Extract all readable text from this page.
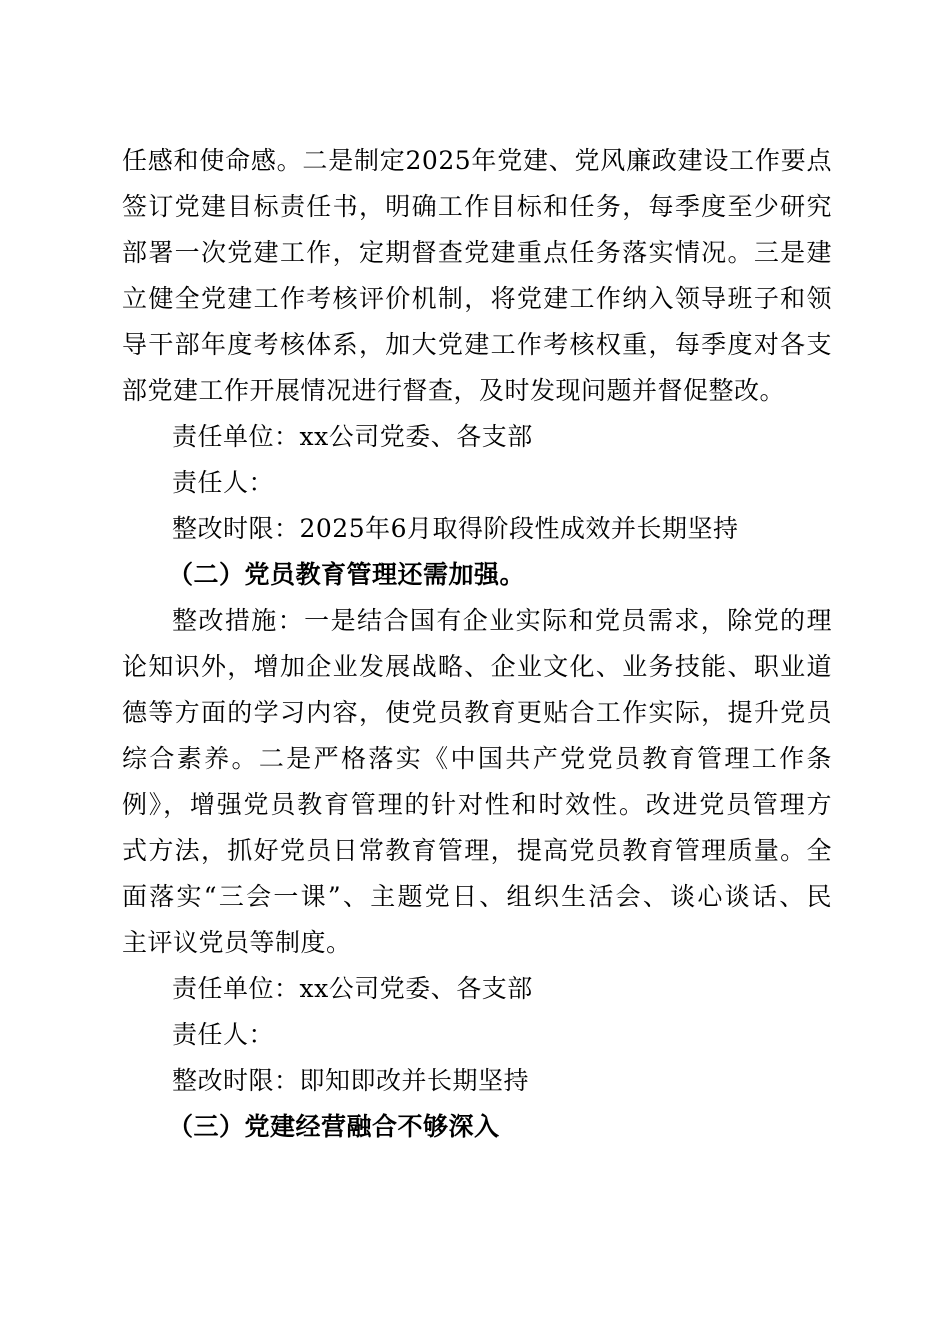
任感和使命感。二是制定2025年党建、党风廉政建设工作要点
签订党建目标责任书，明确工作目标和任务，每季度至少研究
部署一次党建工作，定期督查党建重点任务落实情况。三是建
立健全党建工作考核评价机制，将党建工作纳入领导班子和领
导干部年度考核体系，加大党建工作考核权重，每季度对各支
部党建工作开展情况进行督查，及时发现问题并督促整改。
责任单位：xx公司党委、各支部
责任人：
整改时限：2025年6月取得阶段性成效并长期坚持
（二）党员教育管理还需加强。
整改措施：一是结合国有企业实际和党员需求，除党的理
论知识外，增加企业发展战略、企业文化、业务技能、职业道
德等方面的学习内容，使党员教育更贴合工作实际，提升党员
综合素养。二是严格落实《中国共产党党员教育管理工作条
例》，增强党员教育管理的针对性和时效性。改进党员管理方
式方法，抓好党员日常教育管理，提高党员教育管理质量。全
面落实“三会一课”、主题党日、组织生活会、谈心谈话、民
主评议党员等制度。
责任单位：xx公司党委、各支部
责任人：
整改时限：即知即改并长期坚持
（三）党建经营融合不够深入
